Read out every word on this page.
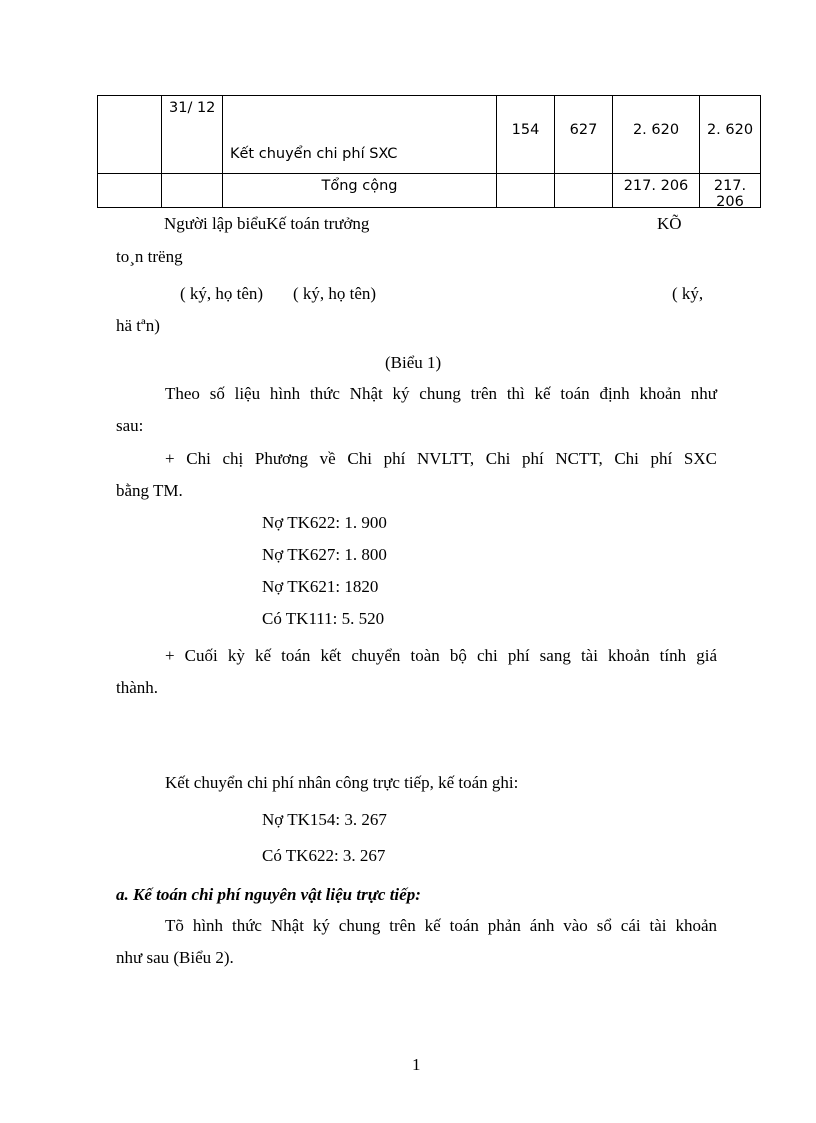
	31/ 12	Kết chuyển chi phí SXC	154	627	2. 620	2. 620

		Tổng cộng			217. 206	217. 206
Người lập biểuKế toán trưởng	KÕ
to¸n trëng
( ký, họ tên) ( ký, họ tên)	( ký,
hä tªn)
(Biểu 1)
Theo số liệu hình thức Nhật ký chung trên thì kế toán định khoản như
sau:
+ Chi chị Phương về Chi phí NVLTT, Chi phí NCTT, Chi phí SXC
bằng TM.
Nợ TK622: 1. 900
Nợ TK627: 1. 800
Nợ TK621: 1820
Có TK111: 5. 520
+ Cuối kỳ kế toán kết chuyển toàn bộ chi phí sang tài khoản tính giá
thành.
Kết chuyển chi phí nhân công trực tiếp, kế toán ghi:
Nợ TK154: 3. 267
Có TK622: 3. 267
a. Kế toán chi phí nguyên vật liệu trực tiếp:
Tõ hình thức Nhật ký chung trên kế toán phản ánh vào sổ cái tài khoản
như sau (Biểu 2).
1
